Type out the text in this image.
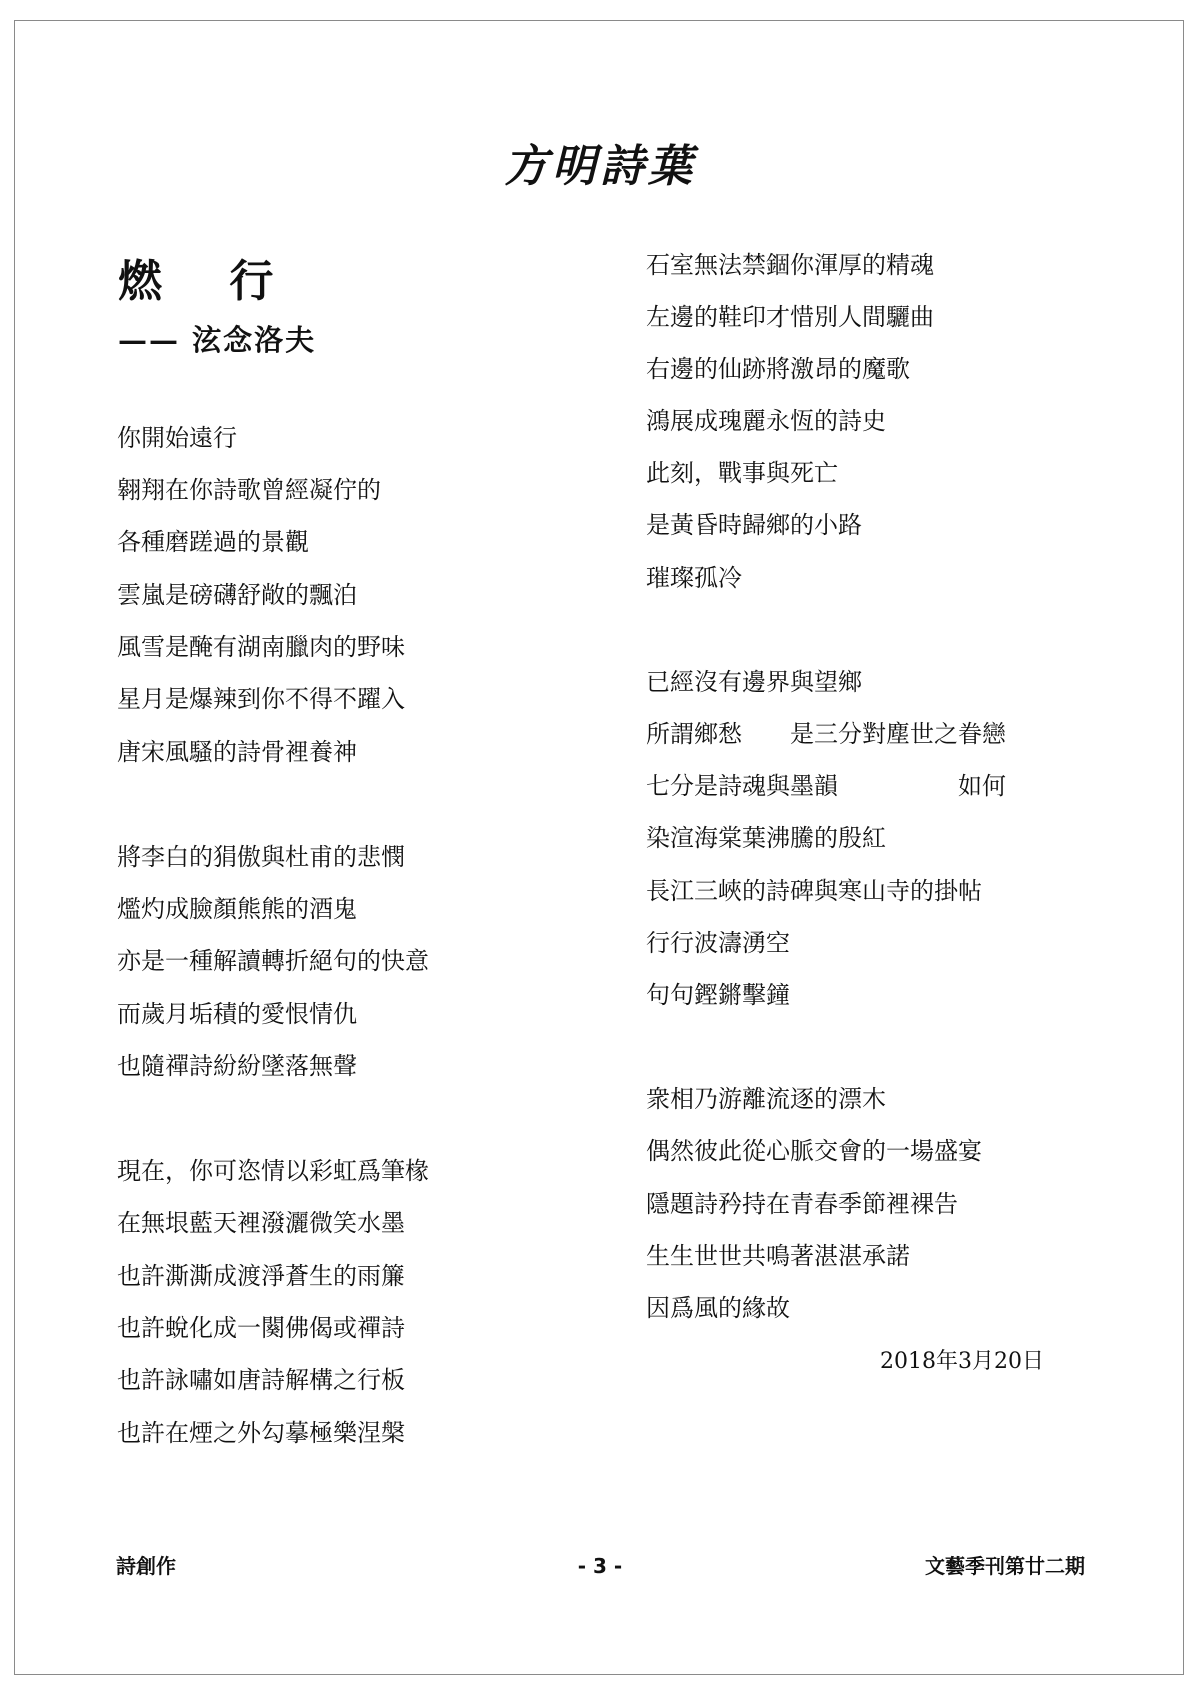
方明詩葉
燃 行
—— 泫念洛夫
你開始遠行
翱翔在你詩歌曾經凝佇的
各種磨蹉過的景觀
雲嵐是磅礴舒敞的飄泊
風雪是醃有湖南臘肉的野味
星月是爆辣到你不得不躍入
唐宋風騷的詩骨裡養神
將李白的狷傲與杜甫的悲憫
爁灼成臉顏熊熊的酒鬼
亦是一種解讀轉折絕句的快意
而歲月垢積的愛恨情仇
也隨禪詩紛紛墜落無聲
現在，你可恣情以彩虹爲筆椽
在無垠藍天裡潑灑微笑水墨
也許澌澌成渡淨蒼生的雨簾
也許蛻化成一闋佛偈或禪詩
也許詠嘯如唐詩解構之行板
也許在煙之外勾摹極樂涅槃
石室無法禁錮你渾厚的精魂
左邊的鞋印才惜別人間驪曲
右邊的仙跡將激昂的魔歌
鴻展成瑰麗永恆的詩史
此刻，戰事與死亡
是黃昏時歸鄉的小路
璀璨孤冷
已經沒有邊界與望鄉
所謂鄉愁　　是三分對塵世之眷戀
七分是詩魂與墨韻　　　　　如何
染渲海棠葉沸騰的殷紅
長江三峽的詩碑與寒山寺的掛帖
行行波濤湧空
句句鏗鏘擊鐘
衆相乃游離流逐的漂木
偶然彼此從心脈交會的一場盛宴
隱題詩矜持在青春季節裡裸告
生生世世共鳴著湛湛承諾
因爲風的緣故
2018年3月20日
詩創作	- 3 -	文藝季刊第廿二期
